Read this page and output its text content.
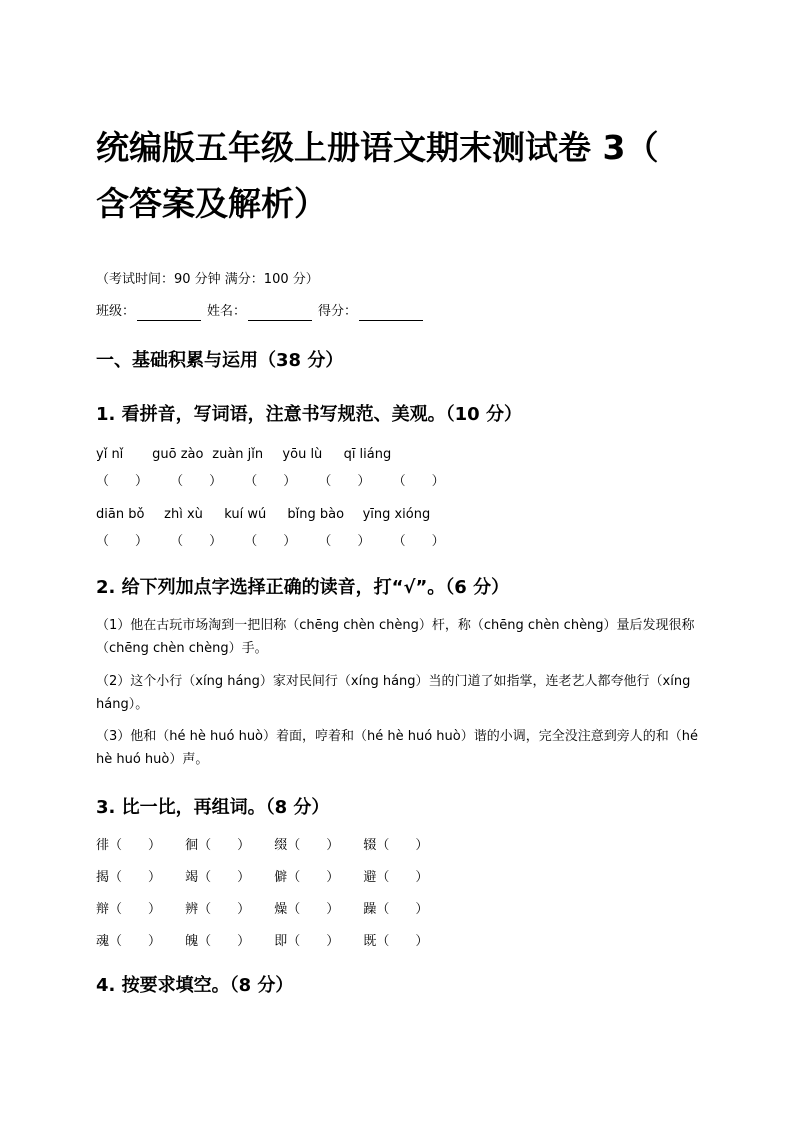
统编版五年级上册语文期末测试卷 3（
含答案及解析）
（考试时间：90 分钟 满分：100 分）
班级：	姓名：	得分：
一、基础积累与运用（38 分）
1. 看拼音，写词语，注意书写规范、美观。（10 分）
yǐ nǐ guō zào zuàn jǐn yōu lù qī liáng
（　　） （　　） （　　） （　　） （　　）
diān bǒ zhì xù kuí wú bǐng bào yīng xióng
（　　） （　　） （　　） （　　） （　　）
2. 给下列加点字选择正确的读音，打“√”。（6 分）
（1）他在古玩市场淘到一把旧称（chēng chèn chèng）杆，称（chēng chèn chèng）量后发现很称（chēng chèn chèng）手。
（2）这个小行（xíng háng）家对民间行（xíng háng）当的门道了如指掌，连老艺人都夸他行（xíng háng）。
（3）他和（hé hè huó huò）着面，哼着和（hé hè huó huò）谐的小调，完全没注意到旁人的和（hé hè huó huò）声。
3. 比一比，再组词。（8 分）
徘（　　） 徊（　　） 缀（　　） 辍（　　）
揭（　　） 竭（　　） 僻（　　） 避（　　）
辩（　　） 辨（　　） 燥（　　） 躁（　　）
魂（　　） 魄（　　） 即（　　） 既（　　）
4. 按要求填空。（8 分）
